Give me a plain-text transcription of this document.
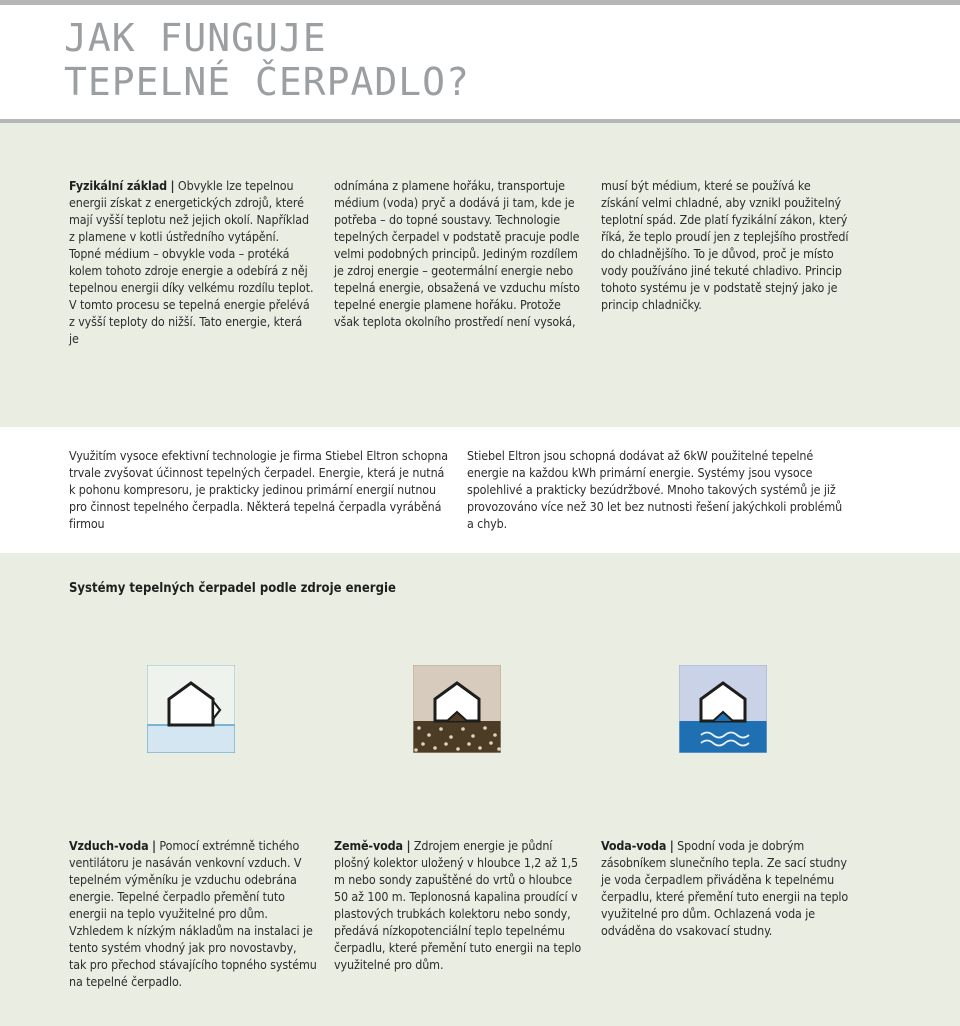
JAK FUNGUJE
TEPELNÉ ČERPADLO?

Fyzikální základ | Obvykle lze tepelnou energii získat z energetických zdrojů, které mají vyšší teplotu než jejich okolí. Například z plamene v kotli ústředního vytápění. Topné médium – obvykle voda – protéká kolem tohoto zdroje energie a odebírá z něj tepelnou energii díky velkému rozdílu teplot.

V tomto procesu se tepelná energie přelévá z vyšší teploty do nižší. Tato energie, která je

odnímána z plamene hořáku, transportuje médium (voda) pryč a dodává ji tam, kde je potřeba – do topné soustavy. Technologie tepelných čerpadel v podstatě pracuje podle velmi podobných principů. Jediným rozdílem je zdroj energie – geotermální energie nebo tepelná energie, obsažená ve vzduchu místo tepelné energie plamene hořáku. Protože však teplota okolního prostředí není vysoká,

musí být médium, které se používá ke získání velmi chladné, aby vznikl použitelný teplotní spád. Zde platí fyzikální zákon, který říká, že teplo proudí jen z teplejšího prostředí do chladnějšího. To je důvod, proč je místo vody používáno jiné tekuté chladivo. Princip tohoto systému je v podstatě stejný jako je princip chladničky.

Využitím vysoce efektivní technologie je firma Stiebel Eltron schopna trvale zvyšovat účinnost tepelných čerpadel. Energie, která je nutná k pohonu kompresoru, je prakticky jedinou primární energií nutnou pro činnost tepelného čerpadla. Některá tepelná čerpadla vyráběná firmou

Stiebel Eltron jsou schopná dodávat až 6kW použitelné tepelné energie na každou kWh primární energie. Systémy jsou vysoce spolehlivé a prakticky bezúdržbové. Mnoho takových systémů je již provozováno více než 30 let bez nutnosti řešení jakýchkoli problémů a chyb.

Systémy tepelných čerpadel podle zdroje energie

Vzduch-voda | Pomocí extrémně tichého ventilátoru je nasáván venkovní vzduch. V tepelném výměníku je vzduchu odebrána energie. Tepelné čerpadlo přemění tuto energii na teplo využitelné pro dům. Vzhledem k nízkým nákladům na instalaci je tento systém vhodný jak pro novostavby, tak pro přechod stávajícího topného systému na tepelné čerpadlo.

Země-voda | Zdrojem energie je půdní plošný kolektor uložený v hloubce 1,2 až 1,5 m nebo sondy zapuštěné do vrtů o hloubce 50 až 100 m. Teplonosná kapalina proudící v plastových trubkách kolektoru nebo sondy, předává nízkopotenciální teplo tepelnému čerpadlu, které přemění tuto energii na teplo využitelné pro dům.

Voda-voda | Spodní voda je dobrým zásobníkem slunečního tepla. Ze sací studny je voda čerpadlem přiváděna k tepelnému čerpadlu, které přemění tuto energii na teplo využitelné pro dům. Ochlazená voda je odváděna do vsakovací studny.
